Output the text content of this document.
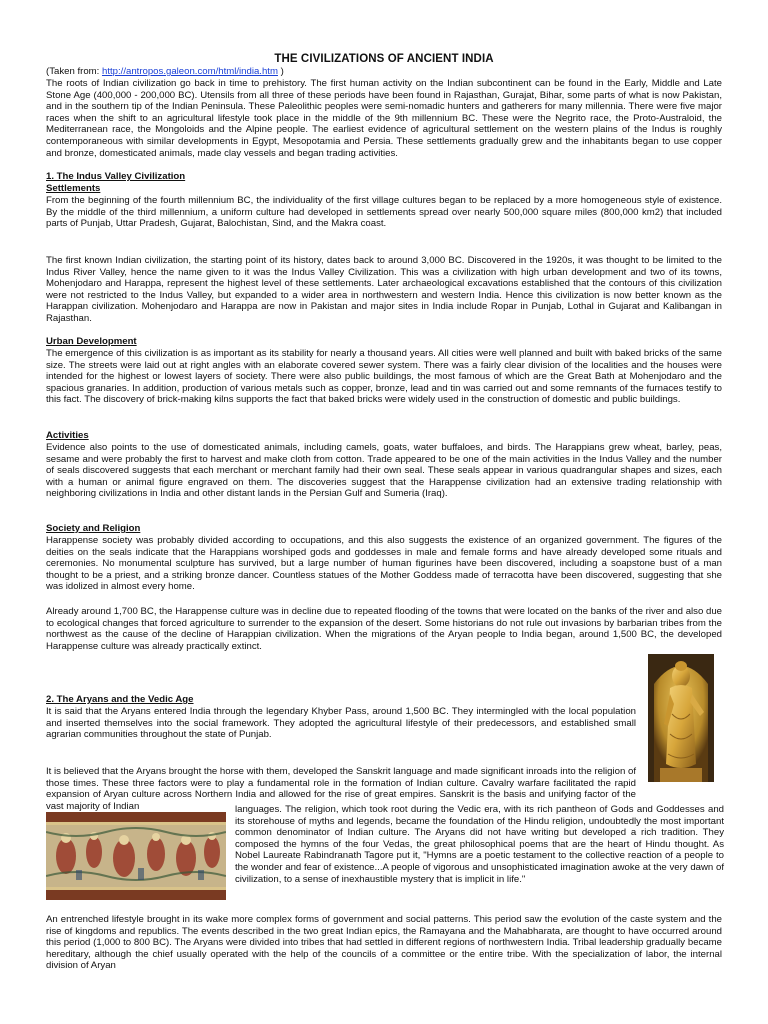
THE CIVILIZATIONS OF ANCIENT INDIA

(Taken from: http://antropos.galeon.com/html/india.htm )

The roots of Indian civilization go back in time to prehistory. The first human activity on the Indian subcontinent can be found in the Early, Middle and Late Stone Age (400,000 - 200,000 BC). Utensils from all three of these periods have been found in Rajasthan, Gurajat, Bihar, some parts of what is now Pakistan, and in the southern tip of the Indian Peninsula. These Paleolithic peoples were semi-nomadic hunters and gatherers for many millennia. There were five major races when the shift to an agricultural lifestyle took place in the middle of the 9th millennium BC. These were the Negrito race, the Proto-Australoid, the Mediterranean race, the Mongoloids and the Alpine people. The earliest evidence of agricultural settlement on the western plains of the Indus is roughly contemporaneous with similar developments in Egypt, Mesopotamia and Persia. These settlements gradually grew and the inhabitants began to use copper and bronze, domesticated animals, made clay vessels and began trading activities.

1. The Indus Valley Civilization

Settlements

From the beginning of the fourth millennium BC, the individuality of the first village cultures began to be replaced by a more homogeneous style of existence. By the middle of the third millennium, a uniform culture had developed in settlements spread over nearly 500,000 square miles (800,000 km2) that included parts of Punjab, Uttar Pradesh, Gujarat, Balochistan, Sind, and the Makra coast.

The first known Indian civilization, the starting point of its history, dates back to around 3,000 BC. Discovered in the 1920s, it was thought to be limited to the Indus River Valley, hence the name given to it was the Indus Valley Civilization. This was a civilization with high urban development and two of its towns, Mohenjodaro and Harappa, represent the highest level of these settlements. Later archaeological excavations established that the contours of this civilization were not restricted to the Indus Valley, but expanded to a wider area in northwestern and western India. Hence this civilization is now better known as the Harappan civilization. Mohenjodaro and Harappa are now in Pakistan and major sites in India include Ropar in Punjab, Lothal in Gujarat and Kalibangan in Rajasthan.

Urban Development

The emergence of this civilization is as important as its stability for nearly a thousand years. All cities were well planned and built with baked bricks of the same size. The streets were laid out at right angles with an elaborate covered sewer system. There was a fairly clear division of the localities and the houses were intended for the highest or lowest layers of society. There were also public buildings, the most famous of which are the Great Bath at Mohenjodaro and the spacious granaries. In addition, production of various metals such as copper, bronze, lead and tin was carried out and some remnants of the furnaces testify to this fact. The discovery of brick-making kilns supports the fact that baked bricks were widely used in the construction of domestic and public buildings.

Activities

Evidence also points to the use of domesticated animals, including camels, goats, water buffaloes, and birds. The Harappians grew wheat, barley, peas, sesame and were probably the first to harvest and make cloth from cotton. Trade appeared to be one of the main activities in the Indus Valley and the number of seals discovered suggests that each merchant or merchant family had their own seal. These seals appear in various quadrangular shapes and sizes, each with a human or animal figure engraved on them. The discoveries suggest that the Harappense civilization had an extensive trading relationship with neighboring civilizations in India and other distant lands in the Persian Gulf and Sumeria (Iraq).

Society and Religion

Harappense society was probably divided according to occupations, and this also suggests the existence of an organized government. The figures of the deities on the seals indicate that the Harappians worshiped gods and goddesses in male and female forms and have already developed some rituals and ceremonies. No monumental sculpture has survived, but a large number of human figurines have been discovered, including a soapstone bust of a man thought to be a priest, and a striking bronze dancer. Countless statues of the Mother Goddess made of terracotta have been discovered, suggesting that she was idolized in almost every home.

Already around 1,700 BC, the Harappense culture was in decline due to repeated flooding of the towns that were located on the banks of the river and also due to ecological changes that forced agriculture to surrender to the expansion of the desert. Some historians do not rule out invasions by barbarian tribes from the northwest as the cause of the decline of Harappian civilization. When the migrations of the Aryan people to India began, around 1,500 BC, the developed Harappense culture was already practically extinct.

2. The Aryans and the Vedic Age

It is said that the Aryans entered India through the legendary Khyber Pass, around 1,500 BC. They intermingled with the local population and inserted themselves into the social framework. They adopted the agricultural lifestyle of their predecessors, and established small agrarian communities throughout the state of Punjab.

It is believed that the Aryans brought the horse with them, developed the Sanskrit language and made significant inroads into the religion of those times. These three factors were to play a fundamental role in the formation of Indian culture. Cavalry warfare facilitated the rapid expansion of Aryan culture across Northern India and allowed for the rise of great empires. Sanskrit is the basis and unifying factor of the vast majority of Indian	languages. The religion, which took root during the Vedic era, with its rich pantheon of Gods and Goddesses and its storehouse of myths and legends, became the foundation of the Hindu religion, undoubtedly the most important common denominator of Indian culture. The Aryans did not have writing but developed a rich tradition. They composed the hymns of the four Vedas, the great philosophical poems that are the heart of Hindu thought. As Nobel Laureate Rabindranath Tagore put it, "Hymns are a poetic testament to the collective reaction of a people to the wonder and fear of existence...A people of vigorous and unsophisticated imagination awoke at the very dawn of civilization, to a sense of inexhaustible mystery that is implicit in life."

An entrenched lifestyle brought in its wake more complex forms of government and social patterns. This period saw the evolution of the caste system and the rise of kingdoms and republics. The events described in the two great Indian epics, the Ramayana and the Mahabharata, are thought to have occurred around this period (1,000 to 800 BC). The Aryans were divided into tribes that had settled in different regions of northwestern India. Tribal leadership gradually became hereditary, although the chief usually operated with the help of the councils of a committee or the entire tribe. With the specialization of labor, the internal division of Aryan
